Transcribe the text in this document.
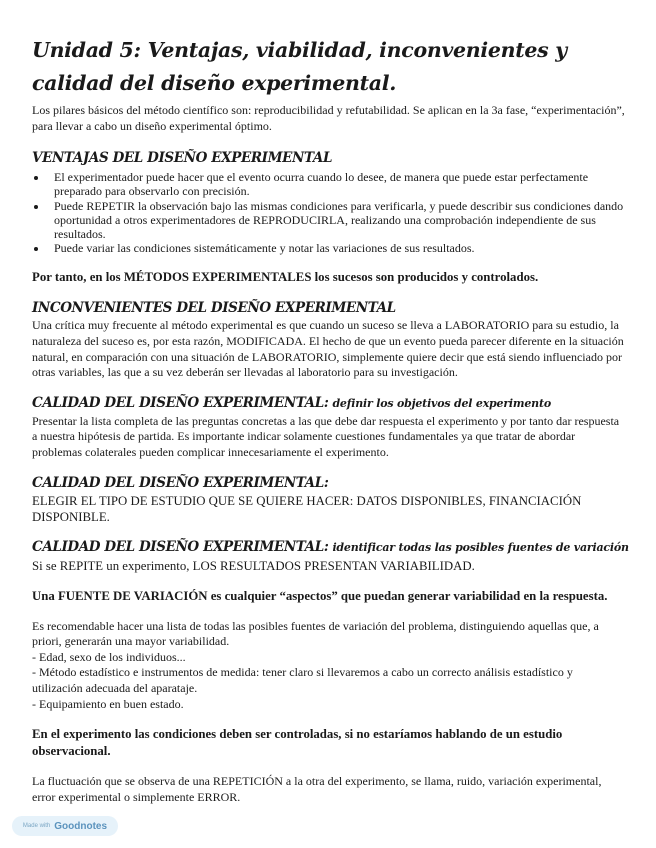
Unidad 5: Ventajas, viabilidad, inconvenientes y calidad del diseño experimental.

Los pilares básicos del método científico son: reproducibilidad y refutabilidad. Se aplican en la 3a fase, “experimentación”, para llevar a cabo un diseño experimental óptimo.

VENTAJAS DEL DISEÑO EXPERIMENTAL
• El experimentador puede hacer que el evento ocurra cuando lo desee, de manera que puede estar perfectamente preparado para observarlo con precisión.
• Puede REPETIR la observación bajo las mismas condiciones para verificarla, y puede describir sus condiciones dando oportunidad a otros experimentadores de REPRODUCIRLA, realizando una comprobación independiente de sus resultados.
• Puede variar las condiciones sistemáticamente y notar las variaciones de sus resultados.

Por tanto, en los MÉTODOS EXPERIMENTALES los sucesos son producidos y controlados.

INCONVENIENTES DEL DISEÑO EXPERIMENTAL

Una crítica muy frecuente al método experimental es que cuando un suceso se lleva a LABORATORIO para su estudio, la naturaleza del suceso es, por esta razón, MODIFICADA. El hecho de que un evento pueda parecer diferente en la situación natural, en comparación con una situación de LABORATORIO, simplemente quiere decir que está siendo influenciado por otras variables, las que a su vez deberán ser llevadas al laboratorio para su investigación.

CALIDAD DEL DISEÑO EXPERIMENTAL: definir los objetivos del experimento

Presentar la lista completa de las preguntas concretas a las que debe dar respuesta el experimento y por tanto dar respuesta a nuestra hipótesis de partida. Es importante indicar solamente cuestiones fundamentales ya que tratar de abordar problemas colaterales pueden complicar innecesariamente el experimento.

CALIDAD DEL DISEÑO EXPERIMENTAL:

ELEGIR EL TIPO DE ESTUDIO QUE SE QUIERE HACER: DATOS DISPONIBLES, FINANCIACIÓN DISPONIBLE.

CALIDAD DEL DISEÑO EXPERIMENTAL: identificar todas las posibles fuentes de variación

Si se REPITE un experimento, LOS RESULTADOS PRESENTAN VARIABILIDAD.

Una FUENTE DE VARIACIÓN es cualquier “aspectos” que puedan generar variabilidad en la respuesta.

Es recomendable hacer una lista de todas las posibles fuentes de variación del problema, distinguiendo aquellas que, a priori, generarán una mayor variabilidad.

- Edad, sexo de los individuos...

- Método estadístico e instrumentos de medida: tener claro si llevaremos a cabo un correcto análisis estadístico y utilización adecuada del aparataje.

- Equipamiento en buen estado.

En el experimento las condiciones deben ser controladas, si no estaríamos hablando de un estudio observacional.

La fluctuación que se observa de una REPETICIÓN a la otra del experimento, se llama, ruido, variación experimental, error experimental o simplemente ERROR.

Made with Goodnotes
